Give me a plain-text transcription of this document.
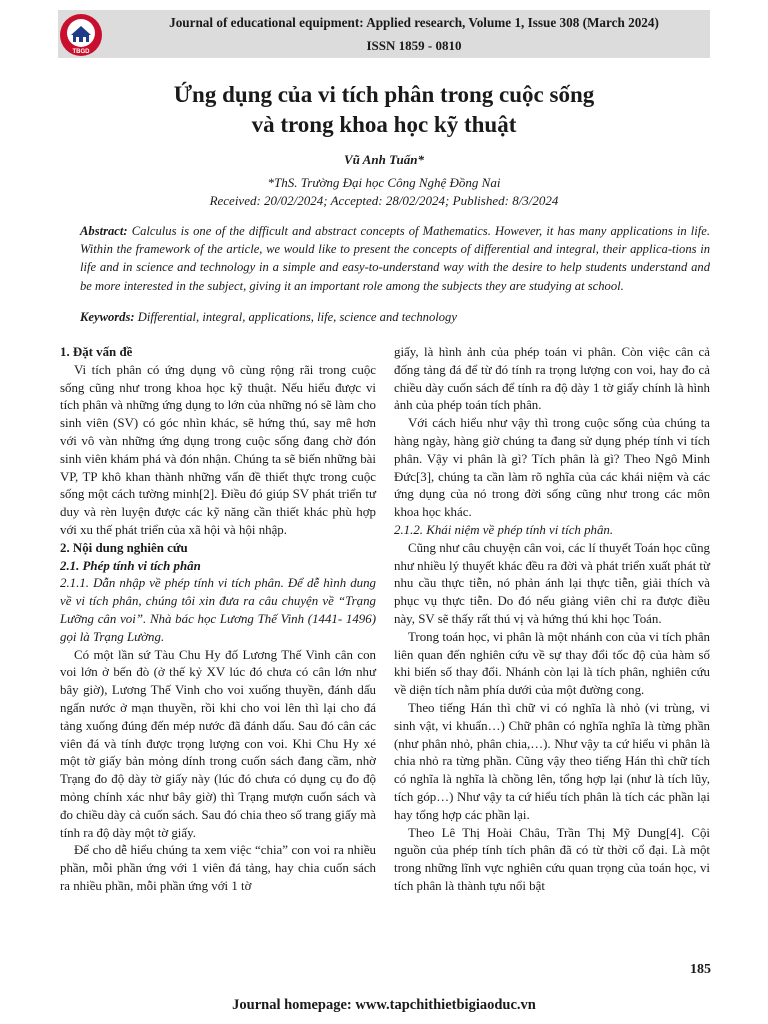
TBGD
Journal of educational equipment: Applied research, Volume 1, Issue 308 (March 2024)
ISSN 1859 - 0810
Ứng dụng của vi tích phân trong cuộc sống
và trong khoa học kỹ thuật
Vũ Anh Tuấn*
*ThS. Trường Đại học Công Nghệ Đồng Nai
Received: 20/02/2024; Accepted: 28/02/2024; Published: 8/3/2024
Abstract: Calculus is one of the difficult and abstract concepts of Mathematics. However, it has many applications in life. Within the framework of the article, we would like to present the concepts of differential and integral, their applica-tions in life and in science and technology in a simple and easy-to-understand way with the desire to help students understand and be more interested in the subject, giving it an important role among the subjects they are studying at school.
Keywords: Differential, integral, applications, life, science and technology

1. Đặt vấn đề

Vi tích phân có ứng dụng vô cùng rộng rãi trong cuộc sống cũng như trong khoa học kỹ thuật. Nếu hiểu được vi tích phân và những ứng dụng to lớn của những nó sẽ làm cho sinh viên (SV) có góc nhìn khác, sẽ hứng thú, say mê hơn với vô vàn những ứng dụng trong cuộc sống đang chờ đón sinh viên khám phá và đón nhận. Chúng ta sẽ biến những bài VP, TP khô khan thành những vấn đề thiết thực trong cuộc sống một cách tường minh[2]. Điều đó giúp SV phát triển tư duy và rèn luyện được các kỹ năng cần thiết khác phù hợp với xu thế phát triển của xã hội và hội nhập.

2. Nội dung nghiên cứu

2.1. Phép tính vi tích phân

2.1.1. Dẫn nhập về phép tính vi tích phân. Để dễ hình dung về vi tích phân, chúng tôi xin đưa ra câu chuyện về “Trạng Lưỡng cân voi”. Nhà bác học Lương Thế Vinh (1441- 1496) gọi là Trạng Lường.

Có một lần sứ Tàu Chu Hy đố Lương Thế Vinh cân con voi lớn ở bến đò (ở thế kỷ XV lúc đó chưa có cân lớn như bây giờ), Lương Thế Vinh cho voi xuống thuyền, đánh dấu ngấn nước ở mạn thuyền, rồi khi cho voi lên thì lại cho đá tảng xuống đúng đến mép nước đã đánh dấu. Sau đó cân các viên đá và tính được trọng lượng con voi. Khi Chu Hy xé một tờ giấy bản mỏng dính trong cuốn sách đang cầm, nhờ Trạng đo độ dày tờ giấy này (lúc đó chưa có dụng cụ đo độ mỏng chính xác như bây giờ) thì Trạng mượn cuốn sách và đo chiều dày cả cuốn sách. Sau đó chia theo số trang giấy mà tính ra độ dày một tờ giấy.

Để cho dễ hiểu chúng ta xem việc “chia” con voi ra nhiều phần, mỗi phần ứng với 1 viên đá tảng, hay chia cuốn sách ra nhiều phần, mỗi phần ứng với 1 tờ

giấy, là hình ảnh của phép toán vi phân. Còn việc cân cả đống tảng đá để từ đó tính ra trọng lượng con voi, hay đo cả chiều dày cuốn sách để tính ra độ dày 1 tờ giấy chính là hình ảnh của phép toán tích phân.

Với cách hiểu như vậy thì trong cuộc sống của chúng ta hàng ngày, hàng giờ chúng ta đang sử dụng phép tính vi tích phân. Vậy vi phân là gì? Tích phân là gì? Theo Ngô Minh Đức[3], chúng ta cần làm rõ nghĩa của các khái niệm và các ứng dụng của nó trong đời sống cũng như trong các môn khoa học khác.

2.1.2. Khái niệm về phép tính vi tích phân.

Cũng như câu chuyện cân voi, các lí thuyết Toán học cũng như nhiều lý thuyết khác đều ra đời và phát triển xuất phát từ nhu cầu thực tiễn, nó phản ánh lại thực tiễn, giải thích và phục vụ thực tiễn. Do đó nếu giảng viên chỉ ra được điều này, SV sẽ thấy rất thú vị và hứng thú khi học Toán.

Trong toán học, vi phân là một nhánh con của vi tích phân liên quan đến nghiên cứu về sự thay đổi tốc độ của hàm số khi biến số thay đổi. Nhánh còn lại là tích phân, nghiên cứu về diện tích nằm phía dưới của một đường cong.

Theo tiếng Hán thì chữ vi có nghĩa là nhỏ (vi trùng, vi sinh vật, vi khuẩn…) Chữ phân có nghĩa nghĩa là từng phần (như phân nhỏ, phân chia,…). Như vậy ta cứ hiểu vi phân là chia nhỏ ra từng phần. Cũng vậy theo tiếng Hán thì chữ tích có nghĩa là nghĩa là chồng lên, tổng hợp lại (như là tích lũy, tích góp…) Như vậy ta cứ hiểu tích phân là tích các phần lại hay tổng hợp các phần lại.

Theo Lê Thị Hoài Châu, Trần Thị Mỹ Dung[4]. Cội nguồn của phép tính tích phân đã có từ thời cổ đại. Là một trong những lĩnh vực nghiên cứu quan trọng của toán học, vi tích phân là thành tựu nổi bật

185
Journal homepage: www.tapchithietbigiaoduc.vn
